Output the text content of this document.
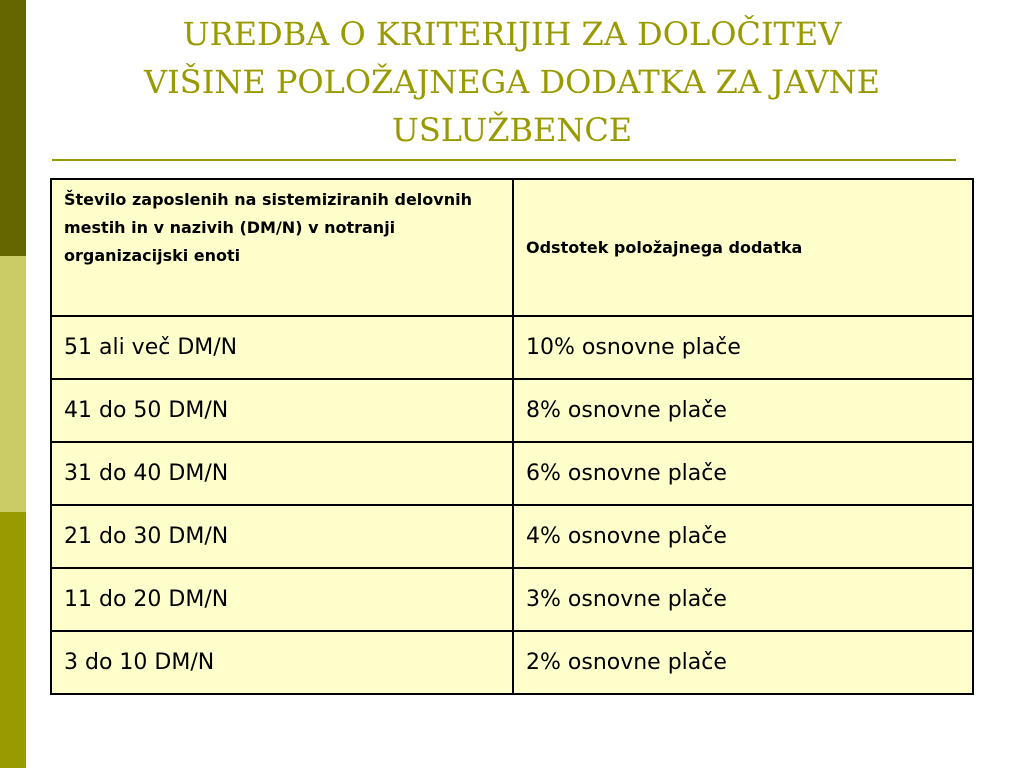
UREDBA O KRITERIJIH ZA DOLOČITEV
VIŠINE POLOŽAJNEGA DODATKA ZA JAVNE
USLUŽBENCE
Število zaposlenih na sistemiziranih delovnih mestih in v nazivih (DM/N) v notranji organizacijski enoti	Odstotek položajnega dodatka
51 ali več DM/N	10% osnovne plače
41 do 50 DM/N	8% osnovne plače
31 do 40 DM/N	6% osnovne plače
21 do 30 DM/N	4% osnovne plače
11 do 20 DM/N	3% osnovne plače
3 do 10 DM/N	2% osnovne plače
